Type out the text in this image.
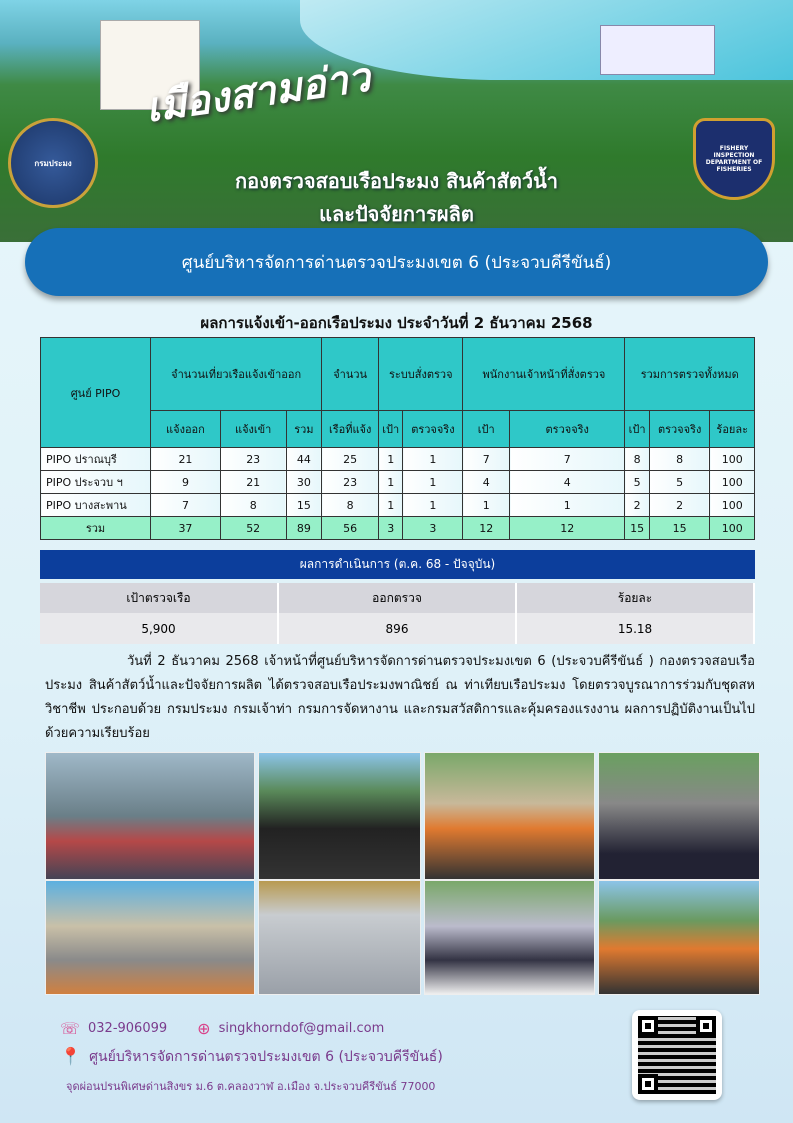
เมืองสามอ่าว
กรมประมง
FISHERY INSPECTION DEPARTMENT OF FISHERIES
กองตรวจสอบเรือประมง สินค้าสัตว์น้ำ
และปัจจัยการผลิต
ศูนย์บริหารจัดการด่านตรวจประมงเขต 6 (ประจวบคีรีขันธ์)
ผลการแจ้งเข้า-ออกเรือประมง ประจำวันที่ 2 ธันวาคม 2568
ศูนย์ PIPO	จำนวนเที่ยวเรือแจ้งเข้าออก			จำนวน	ระบบสั่งตรวจ		พนักงานเจ้าหน้าที่สั่งตรวจ		รวมการตรวจทั้งหมด		
	แจ้งออก	แจ้งเข้า	รวม	เรือที่แจ้ง	เป้า	ตรวจจริง	เป้า	ตรวจจริง	เป้า	ตรวจจริง	ร้อยละ
PIPO ปราณบุรี	21	23	44	25	1	1	7	7	8	8	100
PIPO ประจวบ ฯ	9	21	30	23	1	1	4	4	5	5	100
PIPO บางสะพาน	7	8	15	8	1	1	1	1	2	2	100
รวม	37	52	89	56	3	3	12	12	15	15	100
ผลการดำเนินการ (ต.ค. 68 - ปัจจุบัน)
เป้าตรวจเรือ	ออกตรวจ	ร้อยละ
5,900	896	15.18

วันที่ 2 ธันวาคม 2568 เจ้าหน้าที่ศูนย์บริหารจัดการด่านตรวจประมงเขต 6 (ประจวบคีรีขันธ์ ) กองตรวจสอบเรือประมง สินค้าสัตว์น้ำและปัจจัยการผลิต ได้ตรวจสอบเรือประมงพาณิชย์ ณ ท่าเทียบเรือประมง โดยตรวจบูรณาการร่วมกับชุดสหวิชาชีพ ประกอบด้วย กรมประมง กรมเจ้าท่า กรมการจัดหางาน และกรมสวัสดิการและคุ้มครองแรงงาน ผลการปฏิบัติงานเป็นไปด้วยความเรียบร้อย

☏ 032-906099 ⊕ singkhorndof@gmail.com
📍 ศูนย์บริหารจัดการด่านตรวจประมงเขต 6 (ประจวบคีรีขันธ์)
จุดผ่อนปรนพิเศษด่านสิงขร ม.6 ต.คลองวาฬ อ.เมือง จ.ประจวบคีรีขันธ์ 77000
